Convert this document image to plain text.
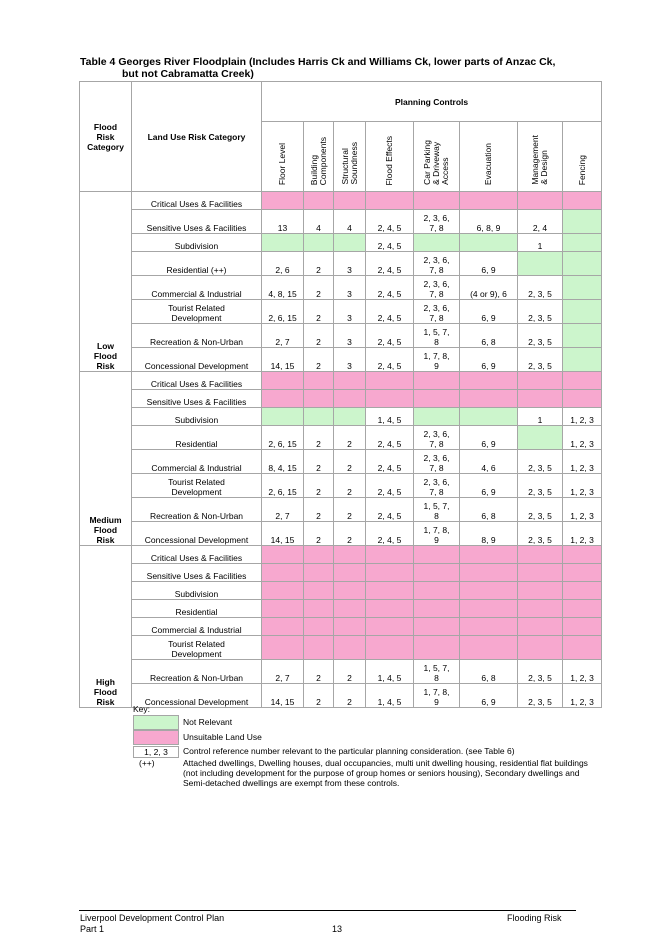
Table 4 Georges River Floodplain (Includes Harris Ck and Williams Ck, lower parts of Anzac Ck,
but not Cabramatta Creek)
Flood
Risk
Category	Land Use Risk Category	Planning Controls							

		Floor Level	Building
Components	Structural
Soundness	Flood Effects	Car Parking
& Driveway
Access	Evacuation	Management
& Design	Fencing

Low
Flood
Risk	Critical Uses & Facilities								
	Sensitive Uses & Facilities	13	4	4	2, 4, 5	2, 3, 6,
7, 8	6, 8, 9	2, 4	
	Subdivision				2, 4, 5			1	
	Residential (++)	2, 6	2	3	2, 4, 5	2, 3, 6,
7, 8	6, 9		
	Commercial & Industrial	4, 8, 15	2	3	2, 4, 5	2, 3, 6,
7, 8	(4 or 9), 6	2, 3, 5	
	Tourist Related
Development	2, 6, 15	2	3	2, 4, 5	2, 3, 6,
7, 8	6, 9	2, 3, 5	
	Recreation & Non-Urban	2, 7	2	3	2, 4, 5	1, 5, 7,
8	6, 8	2, 3, 5	
	Concessional Development	14, 15	2	3	2, 4, 5	1, 7, 8,
9	6, 9	2, 3, 5	
Medium
Flood
Risk	Critical Uses & Facilities								
	Sensitive Uses & Facilities								
	Subdivision				1, 4, 5			1	1, 2, 3
	Residential	2, 6, 15	2	2	2, 4, 5	2, 3, 6,
7, 8	6, 9		1, 2, 3
	Commercial & Industrial	8, 4, 15	2	2	2, 4, 5	2, 3, 6,
7, 8	4, 6	2, 3, 5	1, 2, 3
	Tourist Related
Development	2, 6, 15	2	2	2, 4, 5	2, 3, 6,
7, 8	6, 9	2, 3, 5	1, 2, 3
	Recreation & Non-Urban	2, 7	2	2	2, 4, 5	1, 5, 7,
8	6, 8	2, 3, 5	1, 2, 3
	Concessional Development	14, 15	2	2	2, 4, 5	1, 7, 8,
9	8, 9	2, 3, 5	1, 2, 3
High
Flood
Risk	Critical Uses & Facilities								
	Sensitive Uses & Facilities								
	Subdivision								
	Residential								
	Commercial & Industrial								
	Tourist Related
Development								
	Recreation & Non-Urban	2, 7	2	2	1, 4, 5	1, 5, 7,
8	6, 8	2, 3, 5	1, 2, 3
	Concessional Development	14, 15	2	2	1, 4, 5	1, 7, 8,
9	6, 9	2, 3, 5	1, 2, 3
Key:
Not Relevant
Unsuitable Land Use
1, 2, 3	Control reference number relevant to the particular planning consideration. (see Table 6)
(++)	Attached dwellings, Dwelling houses, dual occupancies, multi unit dwelling housing, residential flat buildings (not including development for the purpose of group homes or seniors housing), Secondary dwellings and Semi-detached dwellings are exempt from these controls.
Liverpool Development Control Plan
Part 1	13
Flooding Risk
